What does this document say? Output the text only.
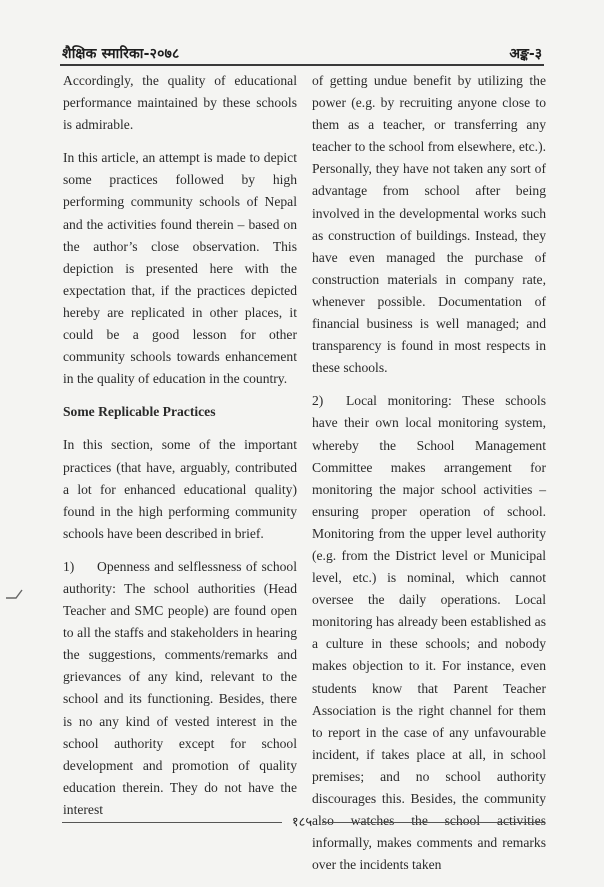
शैक्षिक स्मारिका-२०७८	अङ्क-३

Accordingly, the quality of educational performance maintained by these schools is admirable.

In this article, an attempt is made to depict some practices followed by high performing community schools of Nepal and the activities found therein – based on the author’s close observation. This depiction is presented here with the expectation that, if the practices depicted hereby are replicated in other places, it could be a good lesson for other community schools towards enhancement in the quality of education in the country.

Some Replicable Practices

In this section, some of the important practices (that have, arguably, contributed a lot for enhanced educational quality) found in the high performing community schools have been described in brief.

1) Openness and selflessness of school authority: The school authorities (Head Teacher and SMC people) are found open to all the staffs and stakeholders in hearing the suggestions, comments/remarks and grievances of any kind, relevant to the school and its functioning. Besides, there is no any kind of vested interest in the school authority except for school development and promotion of quality education therein. They do not have the interest

of getting undue benefit by utilizing the power (e.g. by recruiting anyone close to them as a teacher, or transferring any teacher to the school from elsewhere, etc.). Personally, they have not taken any sort of advantage from school after being involved in the developmental works such as construction of buildings. Instead, they have even managed the purchase of construction materials in company rate, whenever possible. Documentation of financial business is well managed; and transparency is found in most respects in these schools.

2) Local monitoring: These schools have their own local monitoring system, whereby the School Management Committee makes arrangement for monitoring the major school activities – ensuring proper operation of school. Monitoring from the upper level authority (e.g. from the District level or Municipal level, etc.) is nominal, which cannot oversee the daily operations. Local monitoring has already been established as a culture in these schools; and nobody makes objection to it. For instance, even students know that Parent Teacher Association is the right channel for them to report in the case of any unfavourable incident, if takes place at all, in school premises; and no school authority discourages this. Besides, the community also watches the school activities informally, makes comments and remarks over the incidents taken

१८५
